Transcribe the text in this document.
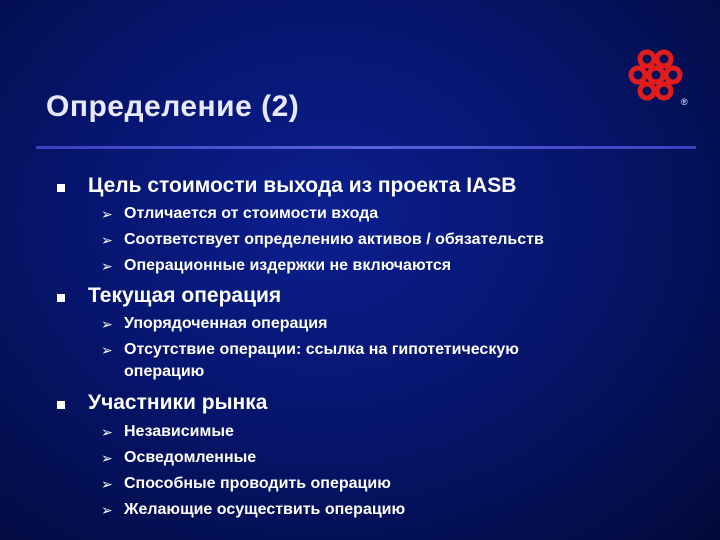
®
Определение (2)
Цель стоимости выхода из проекта IASB
➢ Отличается от стоимости входа
➢ Соответствует определению активов / обязательств
➢ Операционные издержки не включаются
Текущая операция
➢ Упорядоченная операция
➢ Отсутствие операции: ссылка на гипотетическую
операцию
Участники рынка
➢ Независимые
➢ Осведомленные
➢ Способные проводить операцию
➢ Желающие осуществить операцию
